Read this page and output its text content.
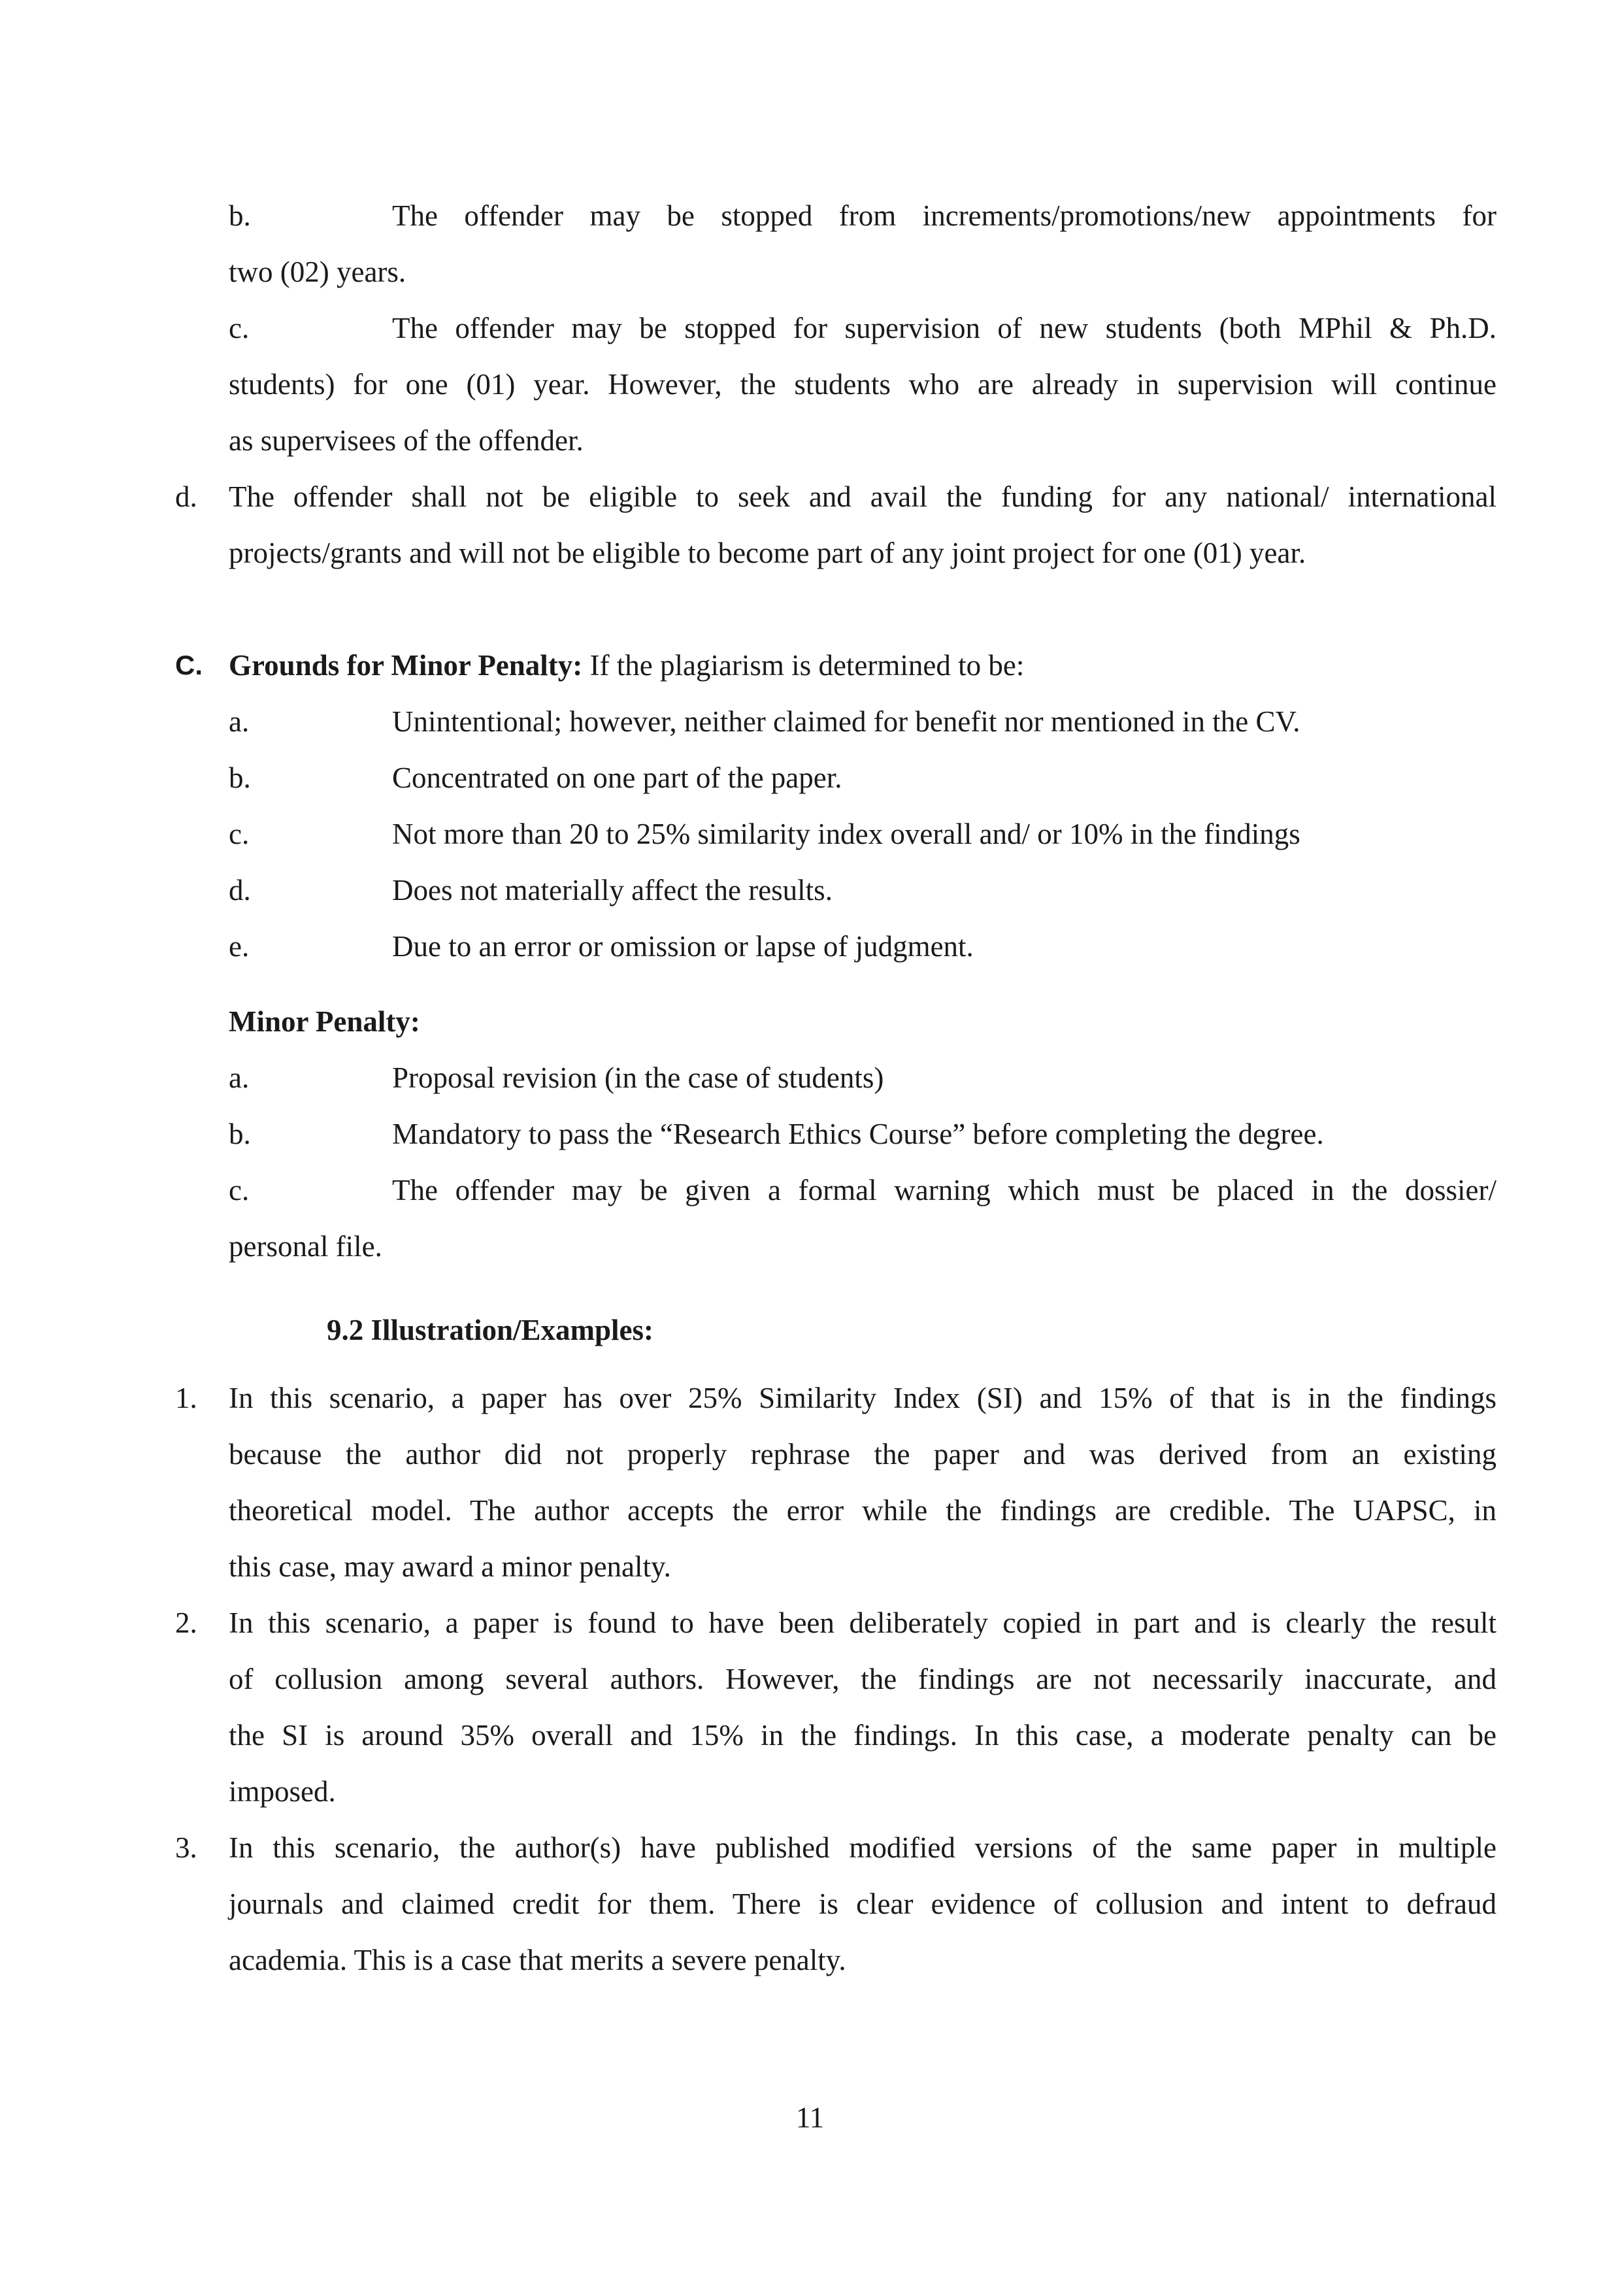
b.	The offender may be stopped from increments/promotions/new appointments for
two (02) years.
c.	The offender may be stopped for supervision of new students (both MPhil & Ph.D.
students) for one (01) year. However, the students who are already in supervision will continue
as supervisees of the offender.
d. The offender shall not be eligible to seek and avail the funding for any national/ international
projects/grants and will not be eligible to become part of any joint project for one (01) year.
C. Grounds for Minor Penalty: If the plagiarism is determined to be:
a.	Unintentional; however, neither claimed for benefit nor mentioned in the CV.
b.	Concentrated on one part of the paper.
c.	Not more than 20 to 25% similarity index overall and/ or 10% in the findings
d.	Does not materially affect the results.
e.	Due to an error or omission or lapse of judgment.
Minor Penalty:
a.	Proposal revision (in the case of students)
b.	Mandatory to pass the “Research Ethics Course” before completing the degree.
c.	The offender may be given a formal warning which must be placed in the dossier/
personal file.
9.2 Illustration/Examples:
1. In this scenario, a paper has over 25% Similarity Index (SI) and 15% of that is in the findings
because the author did not properly rephrase the paper and was derived from an existing
theoretical model. The author accepts the error while the findings are credible. The UAPSC, in
this case, may award a minor penalty.
2. In this scenario, a paper is found to have been deliberately copied in part and is clearly the result
of collusion among several authors. However, the findings are not necessarily inaccurate, and
the SI is around 35% overall and 15% in the findings. In this case, a moderate penalty can be
imposed.
3. In this scenario, the author(s) have published modified versions of the same paper in multiple
journals and claimed credit for them. There is clear evidence of collusion and intent to defraud
academia. This is a case that merits a severe penalty.
11
